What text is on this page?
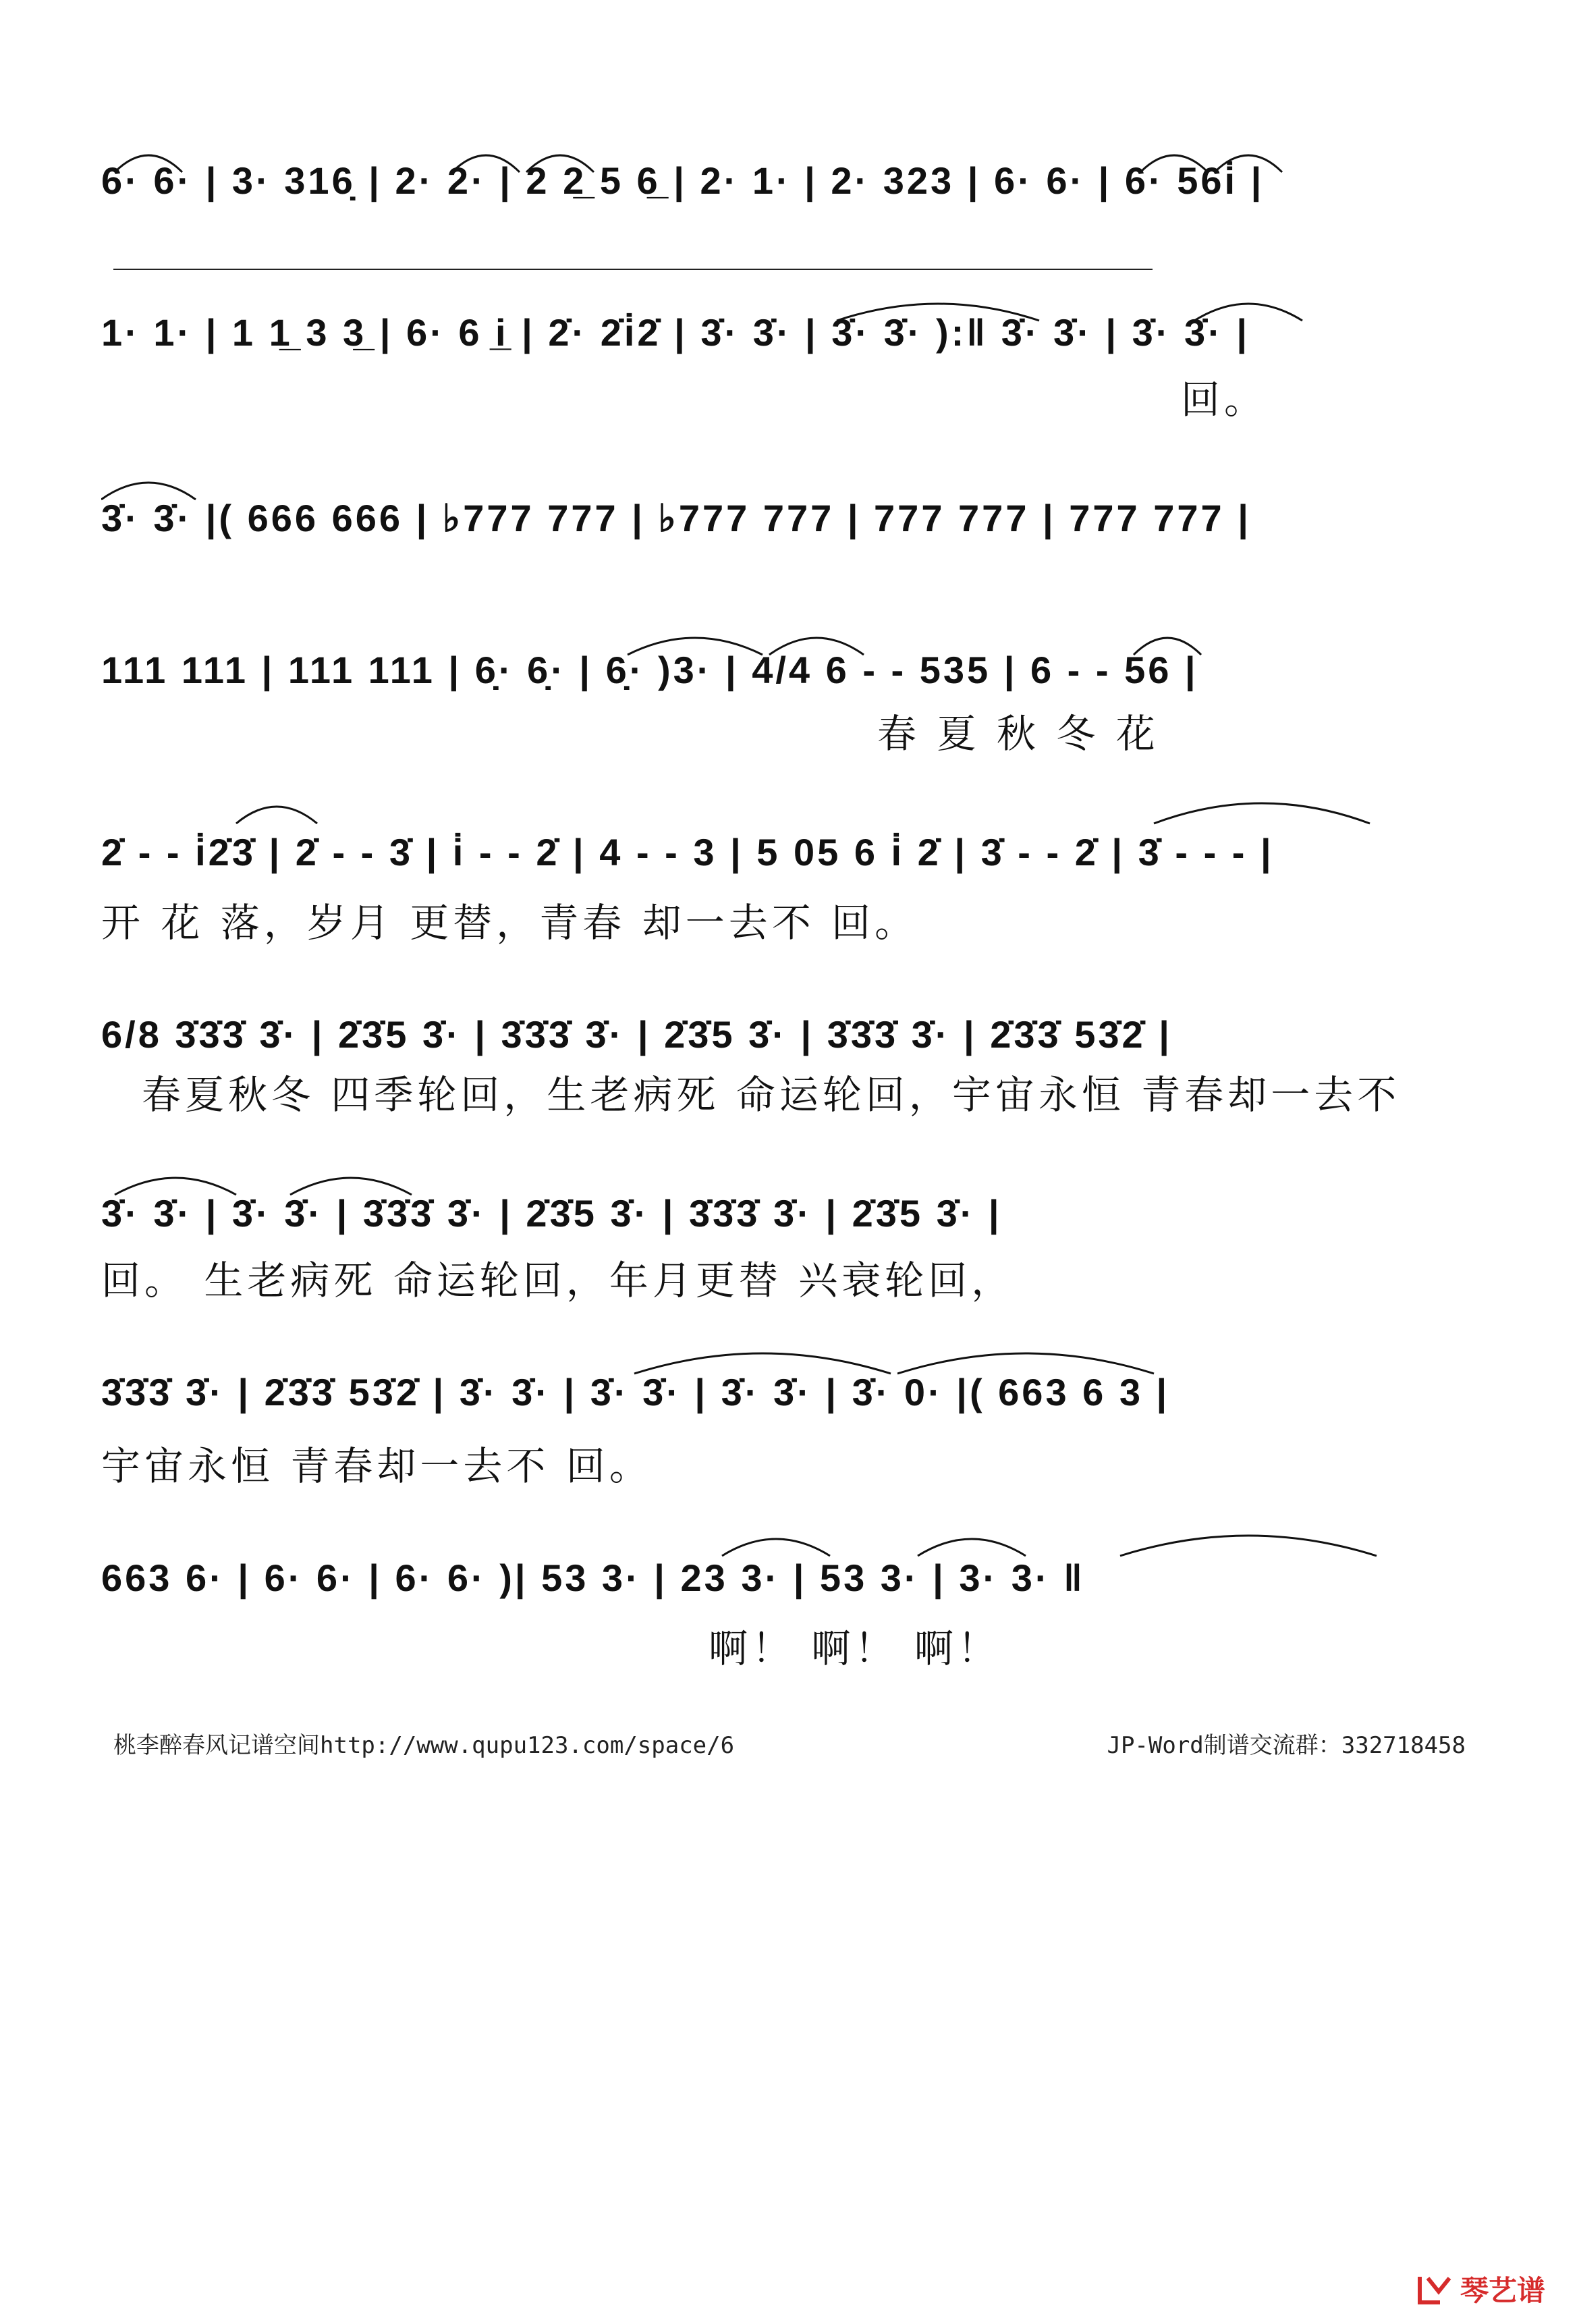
6· 6· | 3· 316̣ | 2· 2· | 2 2̲ 5 6̲ | 2· 1· | 2· 323 | 6· 6· | 6· 56i̇ |
1· 1· | 1 1̲ 3 3̲ | 6· 6 i̲ | 2̇· 2̇i̇2̇ | 3̇· 3̇· | 3̇· 3̇· ):‖ 3̇· 3̇· | 3̇· 3̇· |
回。
3̇· 3̇· |( 666 666 | ♭777 777 | ♭777 777 | 777 777 | 777 777 |
111 111 | 111 111 | 6̣· 6̣· | 6̣· )3· | 4/4 6 - - 535 | 6 - - 56 |
春 夏 秋 冬 花
2̇ - - i̇2̇3̇ | 2̇ - - 3̇ | i̇ - - 2̇ | 4 - - 3 | 5 05 6 i̇ 2̇ | 3̇ - - 2̇ | 3̇ - - - |
开 花 落，岁月 更替，青春 却一去不 回。
6/8 3̇3̇3̇ 3̇· | 2̇3̇5 3̇· | 3̇3̇3̇ 3̇· | 2̇3̇5 3̇· | 3̇3̇3̇ 3̇· | 2̇3̇3̇ 53̇2̇ |
春夏秋冬 四季轮回，生老病死 命运轮回，宇宙永恒 青春却一去不
3̇· 3̇· | 3̇· 3̇· | 3̇3̇3̇ 3̇· | 2̇3̇5 3̇· | 3̇3̇3̇ 3̇· | 2̇3̇5 3̇· |
回。 生老病死 命运轮回，年月更替 兴衰轮回，
3̇3̇3̇ 3̇· | 2̇3̇3̇ 53̇2̇ | 3̇· 3̇· | 3̇· 3̇· | 3̇· 3̇· | 3̇· 0· |( 663 6 3 |
宇宙永恒 青春却一去不 回。
663 6· | 6· 6· | 6· 6· )| 53 3· | 23 3· | 53 3· | 3· 3· ‖
啊！ 啊！ 啊！
桃李醉春风记谱空间http://www.qupu123.com/space/6	JP-Word制谱交流群：332718458
琴艺谱
